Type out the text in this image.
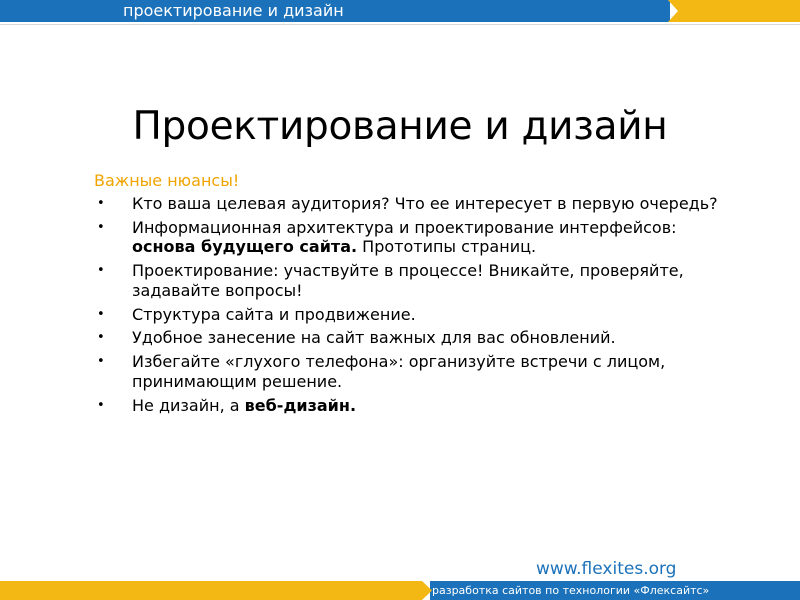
проектирование и дизайн
Проектирование и дизайн
Важные нюансы!
• Кто ваша целевая аудитория? Что ее интересует в первую очередь?
• Информационная архитектура и проектирование интерфейсов: основа будущего сайта. Прототипы страниц.
• Проектирование: участвуйте в процессе! Вникайте, проверяйте, задавайте вопросы!
• Структура сайта и продвижение.
• Удобное занесение на сайт важных для вас обновлений.
• Избегайте «глухого телефона»: организуйте встречи с лицом, принимающим решение.
• Не дизайн, а веб-дизайн.
www.flexites.org
разработка сайтов по технологии «Флексайтс»
